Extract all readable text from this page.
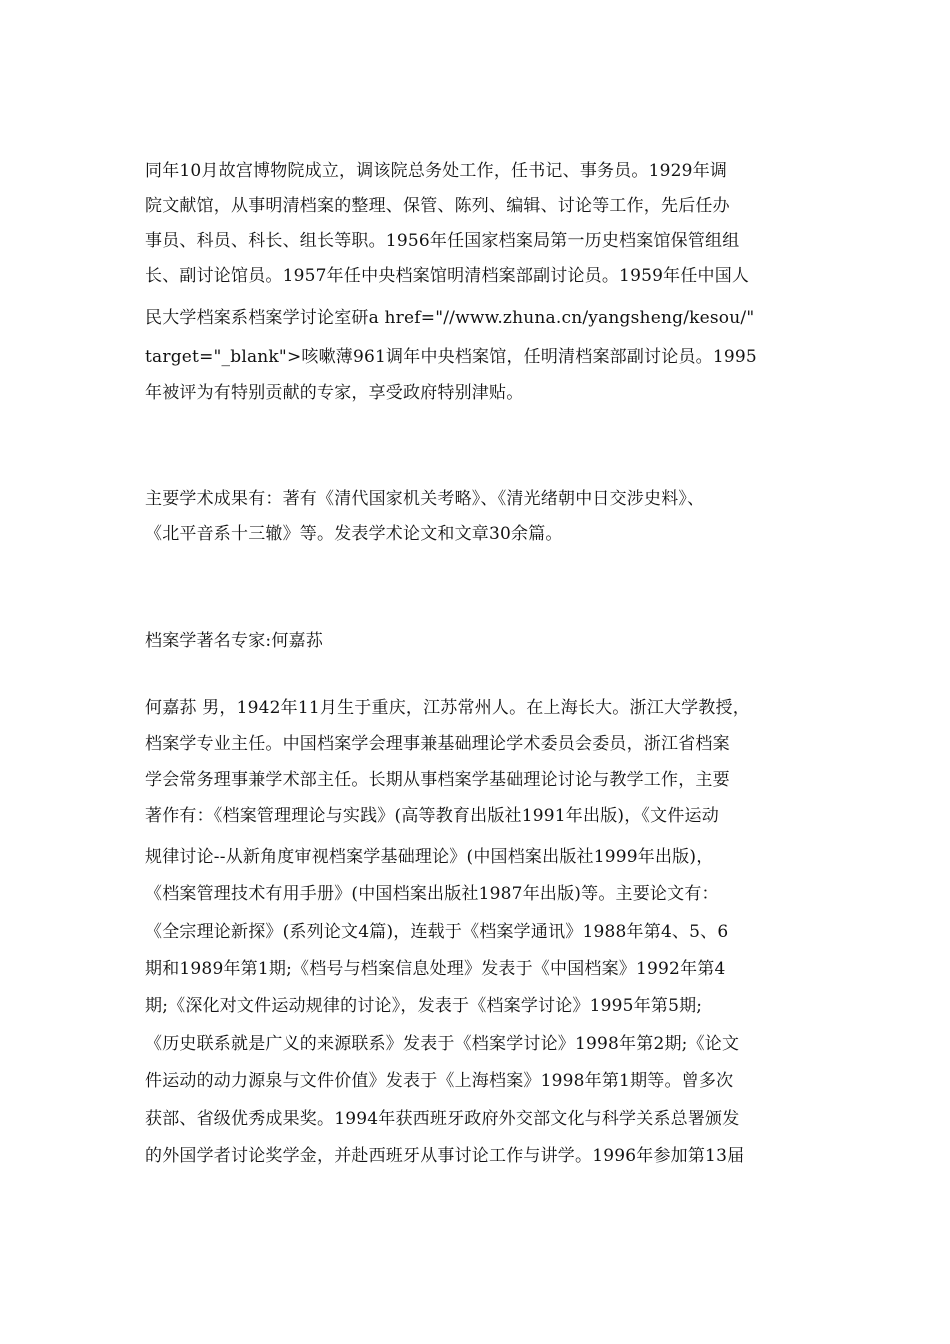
同年10月故宫博物院成立，调该院总务处工作，任书记、事务员。1929年调
院文献馆，从事明清档案的整理、保管、陈列、编辑、讨论等工作，先后任办
事员、科员、科长、组长等职。1956年任国家档案局第一历史档案馆保管组组
长、副讨论馆员。1957年任中央档案馆明清档案部副讨论员。1959年任中国人
民大学档案系档案学讨论室研a href="//www.zhuna.cn/yangsheng/kesou/"
target="_blank">咳嗽薄961调年中央档案馆，任明清档案部副讨论员。1995
年被评为有特别贡献的专家，享受政府特别津贴。
主要学术成果有：著有《清代国家机关考略》、《清光绪朝中日交涉史料》、
《北平音系十三辙》等。发表学术论文和文章30余篇。
档案学著名专家:何嘉荪
何嘉荪 男，1942年11月生于重庆，江苏常州人。在上海长大。浙江大学教授，
档案学专业主任。中国档案学会理事兼基础理论学术委员会委员，浙江省档案
学会常务理事兼学术部主任。长期从事档案学基础理论讨论与教学工作，主要
著作有：《档案管理理论与实践》(高等教育出版社1991年出版)，《文件运动
规律讨论--从新角度审视档案学基础理论》(中国档案出版社1999年出版)，
《档案管理技术有用手册》(中国档案出版社1987年出版)等。主要论文有：
《全宗理论新探》(系列论文4篇)，连载于《档案学通讯》1988年第4、5、6
期和1989年第1期;《档号与档案信息处理》发表于《中国档案》1992年第4
期;《深化对文件运动规律的讨论》，发表于《档案学讨论》1995年第5期;
《历史联系就是广义的来源联系》发表于《档案学讨论》1998年第2期;《论文
件运动的动力源泉与文件价值》发表于《上海档案》1998年第1期等。曾多次
获部、省级优秀成果奖。1994年获西班牙政府外交部文化与科学关系总署颁发
的外国学者讨论奖学金，并赴西班牙从事讨论工作与讲学。1996年参加第13届
